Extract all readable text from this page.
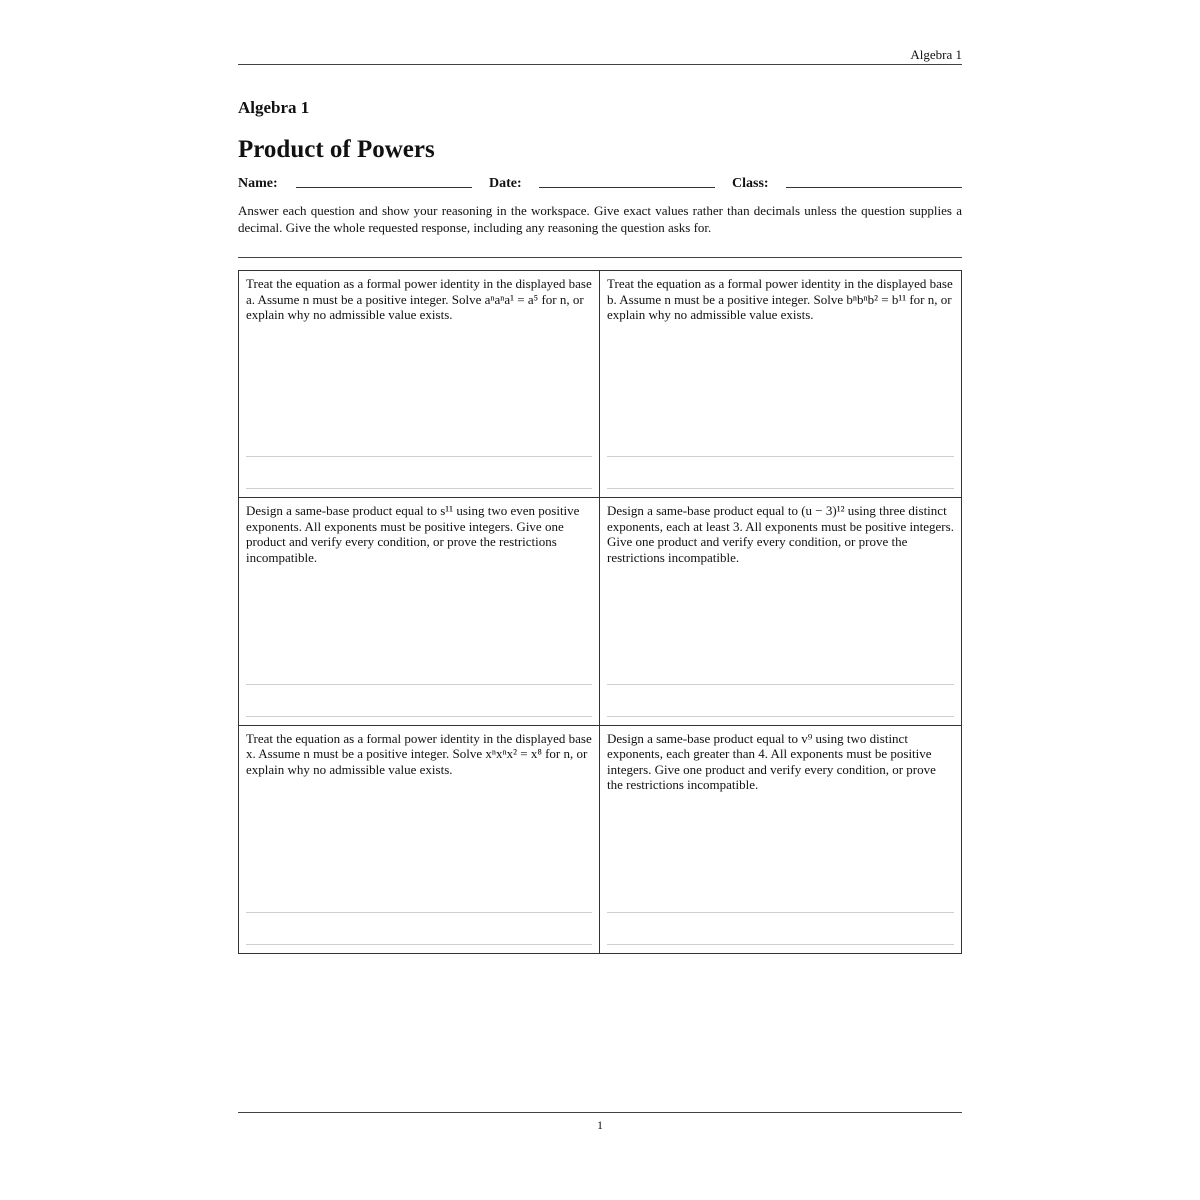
Algebra 1
Algebra 1
Product of Powers
Name:	Date:	Class:
Answer each question and show your reasoning in the workspace. Give exact values rather than decimals unless the question supplies a decimal. Give the whole requested response, including any reasoning the question asks for.
Treat the equation as a formal power identity in the displayed base a. Assume n must be a positive integer. Solve aⁿaⁿa¹ = a⁵ for n, or explain why no admissible value exists.
Treat the equation as a formal power identity in the displayed base b. Assume n must be a positive integer. Solve bⁿbⁿb² = b¹¹ for n, or explain why no admissible value exists.
Design a same-base product equal to s¹¹ using two even positive exponents. All exponents must be positive integers. Give one product and verify every condition, or prove the restrictions incompatible.
Design a same-base product equal to (u − 3)¹² using three distinct exponents, each at least 3. All exponents must be positive integers. Give one product and verify every condition, or prove the restrictions incompatible.
Treat the equation as a formal power identity in the displayed base x. Assume n must be a positive integer. Solve xⁿxⁿx² = x⁸ for n, or explain why no admissible value exists.
Design a same-base product equal to v⁹ using two distinct exponents, each greater than 4. All exponents must be positive integers. Give one product and verify every condition, or prove the restrictions incompatible.
1
